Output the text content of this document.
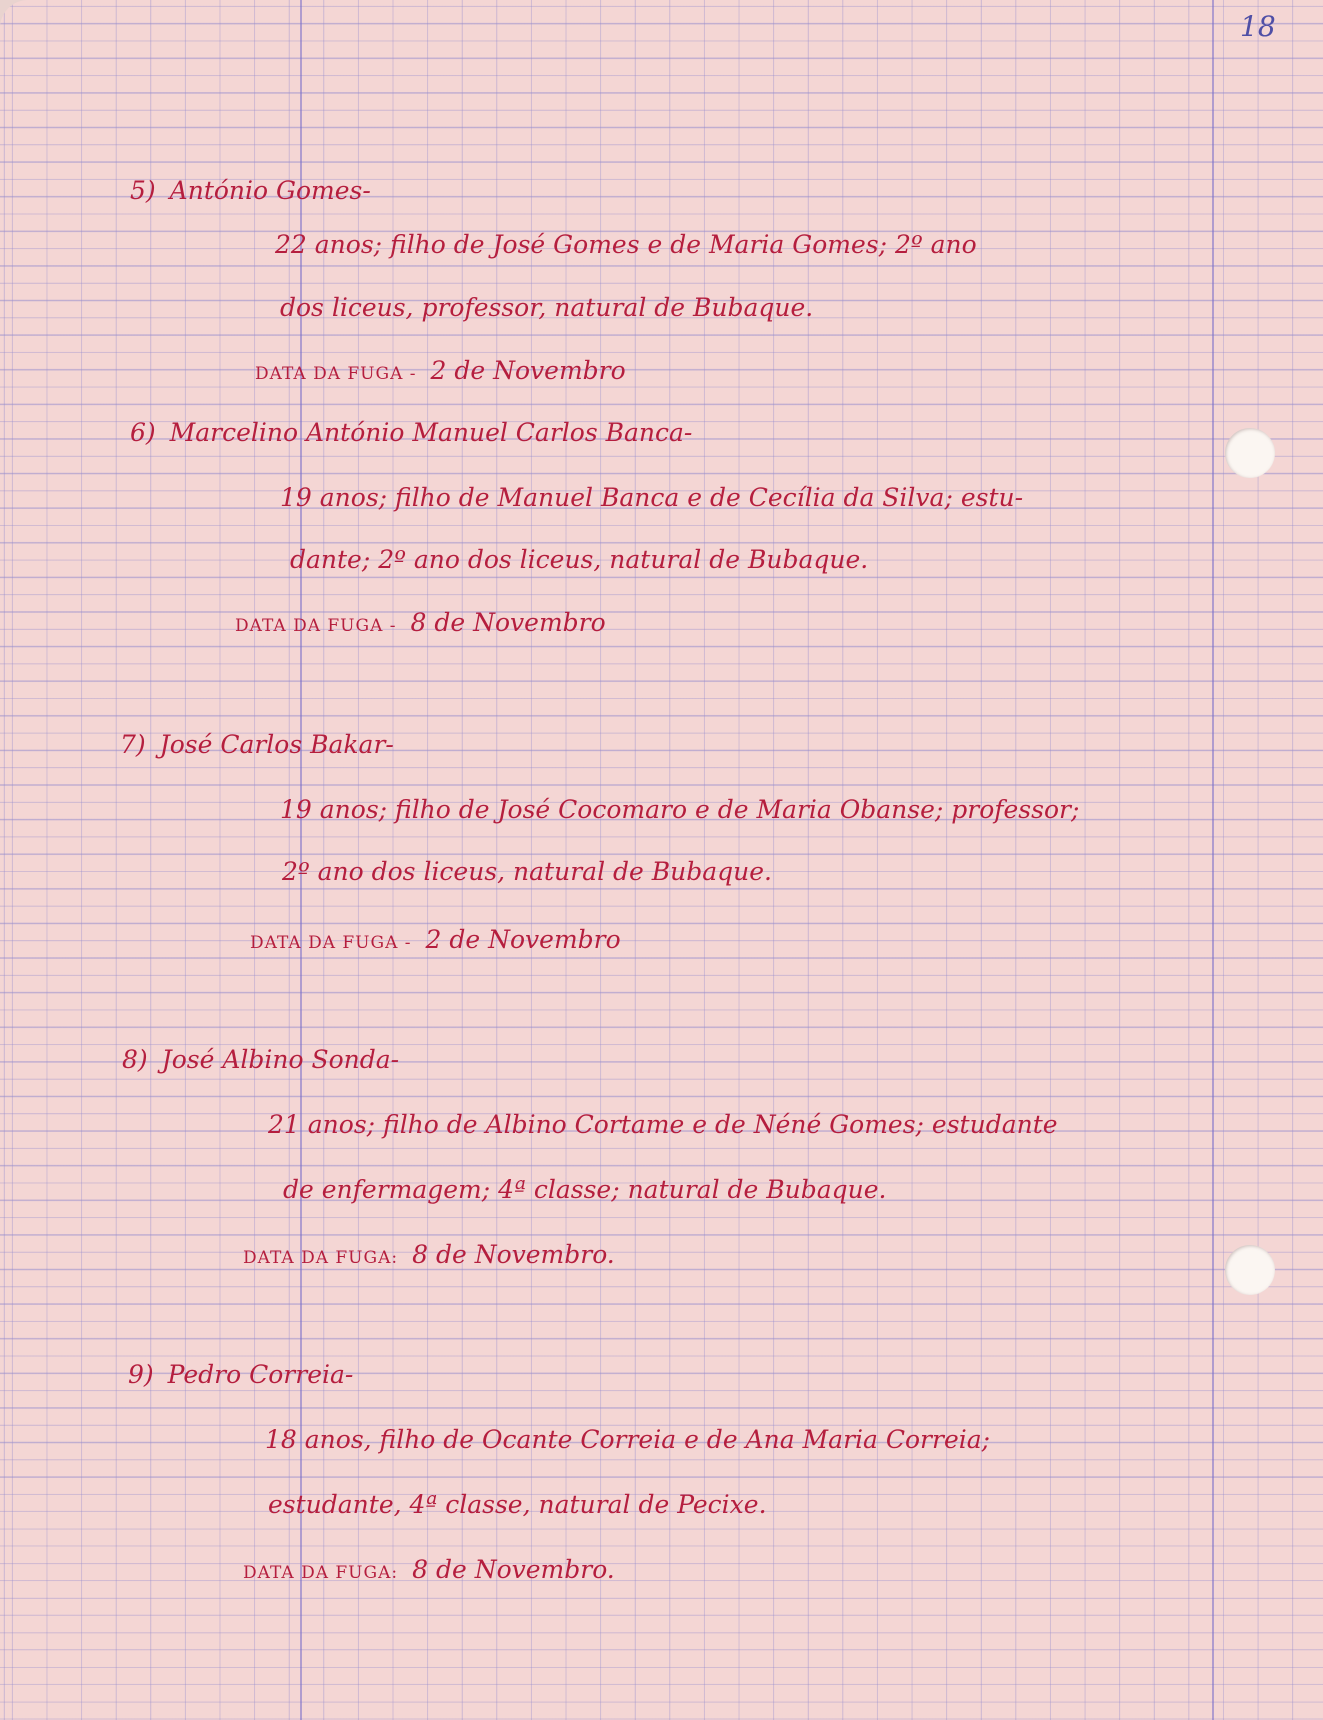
18
5) António Gomes-
22 anos; filho de José Gomes e de Maria Gomes; 2º ano
dos liceus, professor, natural de Bubaque.
DATA DA FUGA - 2 de Novembro
6) Marcelino António Manuel Carlos Banca-
19 anos; filho de Manuel Banca e de Cecília da Silva; estu-
dante; 2º ano dos liceus, natural de Bubaque.
DATA DA FUGA - 8 de Novembro
7) José Carlos Bakar-
19 anos; filho de José Cocomaro e de Maria Obanse; professor;
2º ano dos liceus, natural de Bubaque.
DATA DA FUGA - 2 de Novembro
8) José Albino Sonda-
21 anos; filho de Albino Cortame e de Néné Gomes; estudante
de enfermagem; 4ª classe; natural de Bubaque.
DATA DA FUGA: 8 de Novembro.
9) Pedro Correia-
18 anos, filho de Ocante Correia e de Ana Maria Correia;
estudante, 4ª classe, natural de Pecixe.
DATA DA FUGA: 8 de Novembro.
